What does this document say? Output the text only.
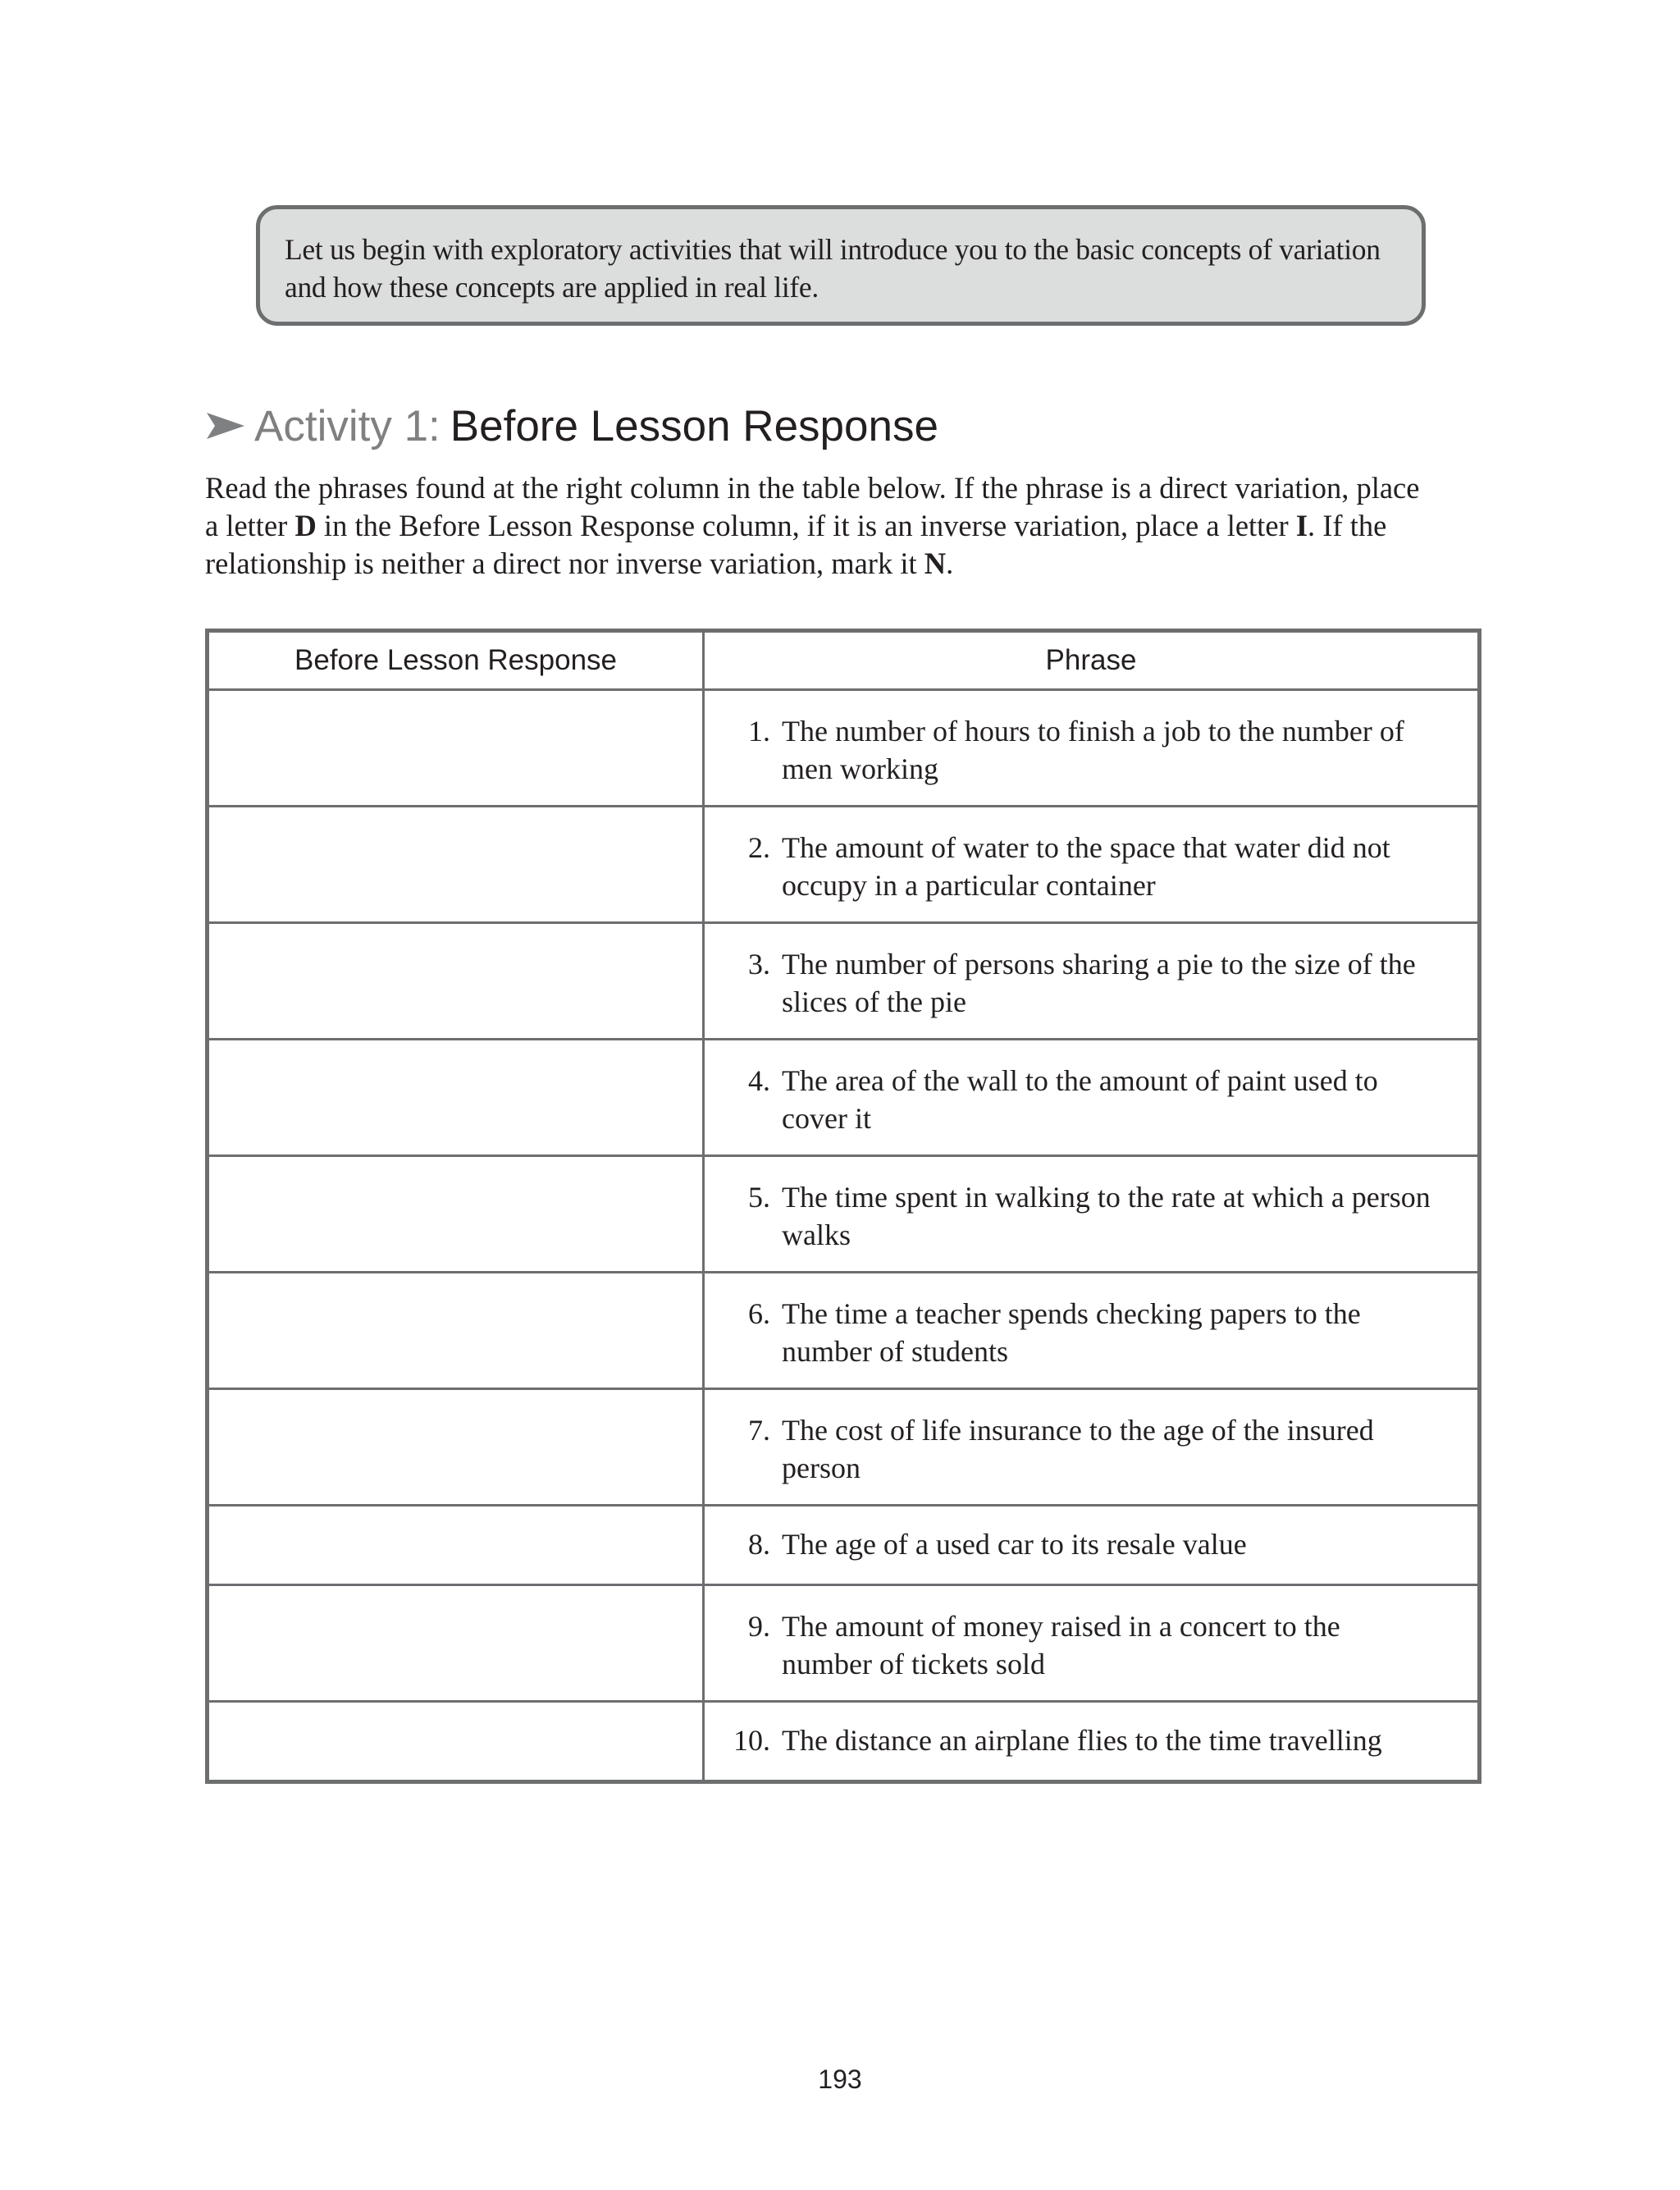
Let us begin with exploratory activities that will introduce you to the basic concepts of variation
and how these concepts are applied in real life.
Activity 1: Before Lesson Response
Read the phrases found at the right column in the table below. If the phrase is a direct variation, place
a letter D in the Before Lesson Response column, if it is an inverse variation, place a letter I. If the
relationship is neither a direct nor inverse variation, mark it N.
Before Lesson Response	Phrase

	1. The number of hours to finish a job to the number of
men working

	2. The amount of water to the space that water did not
occupy in a particular container

	3. The number of persons sharing a pie to the size of the
slices of the pie

	4. The area of the wall to the amount of paint used to
cover it

	5. The time spent in walking to the rate at which a person
walks

	6. The time a teacher spends checking papers to the
number of students

	7. The cost of life insurance to the age of the insured
person

	8. The age of a used car to its resale value

	9. The amount of money raised in a concert to the
number of tickets sold

	10. The distance an airplane flies to the time travelling
193
